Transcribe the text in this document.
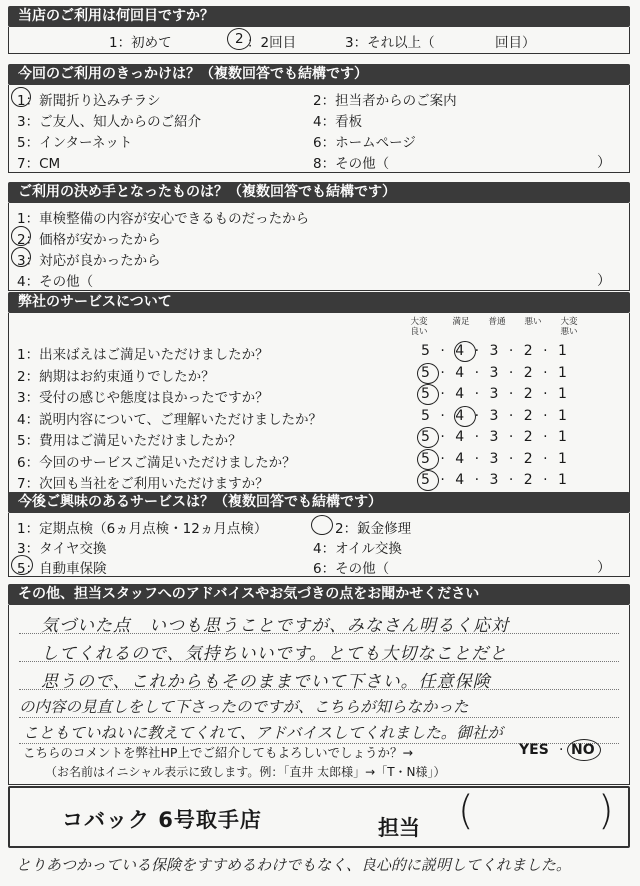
当店のご利用は何回目ですか？
1：初めて	2 ：2回目	3：それ以上（	回目）
今回のご利用のきっかけは？（複数回答でも結構です）
1：新聞折り込みチラシ	2：担当者からのご案内
3：ご友人、知人からのご紹介	4：看板
5：インターネット	6：ホームページ
7：CM	8：その他（	）
ご利用の決め手となったものは？（複数回答でも結構です）
1：車検整備の内容が安心できるものだったから
2：価格が安かったから
3：対応が良かったから
4：その他（	）
弊社のサービスについて
大変
良い
満足	普通	悪い	大変
悪い
1：出来ばえはご満足いただけましたか？	5 · 4 · 3 · 2 · 1
2：納期はお約束通りでしたか？	5 · 4 · 3 · 2 · 1
3：受付の感じや態度は良かったですか？	5 · 4 · 3 · 2 · 1
4：説明内容について、ご理解いただけましたか？	5 · 4 · 3 · 2 · 1
5：費用はご満足いただけましたか？	5 · 4 · 3 · 2 · 1
6：今回のサービスご満足いただけましたか？	5 · 4 · 3 · 2 · 1
7：次回も当社をご利用いただけますか？	5 · 4 · 3 · 2 · 1
今後ご興味のあるサービスは？（複数回答でも結構です）
1：定期点検（6ヵ月点検・12ヵ月点検）	2：鈑金修理
3：タイヤ交換	4：オイル交換
5：自動車保険	6：その他（	）
その他、担当スタッフへのアドバイスやお気づきの点をお聞かせください
気づいた点　いつも思うことですが、みなさん明るく応対
してくれるので、気持ちいいです。とても大切なことだと
思うので、これからもそのままでいて下さい。任意保険
の内容の見直しをして下さったのですが、こちらが知らなかった
こともていねいに教えてくれて、アドバイスしてくれました。御社が
こちらのコメントを弊社HP上でご紹介してもよろしいでしょうか？→	YES · NO
（お名前はイニシャル表示に致します。例：「直井 太郎様」→「T・N様」）
コバック 6号取手店	担当 (	)
とりあつかっている保険をすすめるわけでもなく、良心的に説明してくれました。
